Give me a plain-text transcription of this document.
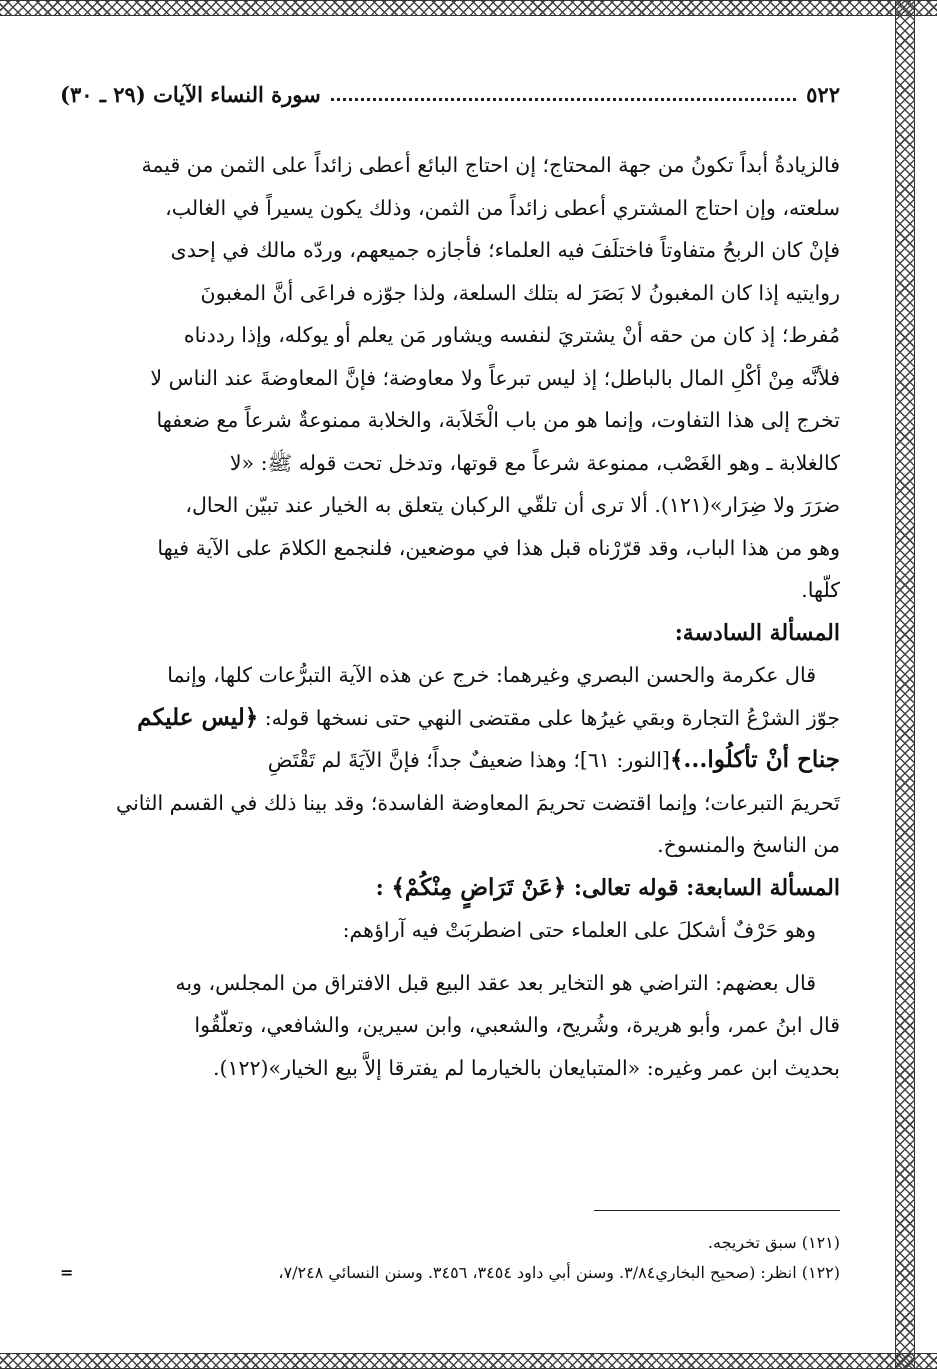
٥٢٢
سورة النساء الآيات (٢٩ ـ ٣٠)

فالزيادةُ أبداً تكونُ من جهة المحتاج؛ إن احتاج البائع أعطى زائداً على الثمن من قيمة

سلعته، وإن احتاج المشتري أعطى زائداً من الثمن، وذلك يكون يسيراً في الغالب،

فإنْ كان الربحُ متفاوتاً فاختلَفَ فيه العلماء؛ فأجازه جميعهم، وردّه مالك في إحدى

روايتيه إذا كان المغبونُ لا بَصَرَ له بتلك السلعة، ولذا جوّزه فراعَى أنَّ المغبونَ

مُفرط؛ إذ كان من حقه أنْ يشتريَ لنفسه ويشاور مَن يعلم أو يوكله، وإذا رددناه

فلأنَّه مِنْ أكْلِ المال بالباطل؛ إذ ليس تبرعاً ولا معاوضة؛ فإنَّ المعاوضةَ عند الناس لا

تخرج إلى هذا التفاوت، وإنما هو من باب الْخَلاَبة، والخلابة ممنوعةٌ شرعاً مع ضعفها

كالغلابة ـ وهو الغَصْب، ممنوعة شرعاً مع قوتها، وتدخل تحت قوله ﷺ: «لا

ضرَرَ ولا ضِرَار»(١٢١). ألا ترى أن تلقّي الركبان يتعلق به الخيار عند تبيّن الحال،

وهو من هذا الباب، وقد قرّرْناه قبل هذا في موضعين، فلنجمع الكلامَ على الآية فيها

كلّها.

المسألة السادسة:

قال عكرمة والحسن البصري وغيرهما: خرج عن هذه الآية التبرُّعات كلها، وإنما

جوّز الشرْعُ التجارة وبقي غيرُها على مقتضى النهي حتى نسخها قوله: ﴿ليس عليكم

جناح أنْ تأكلُوا...﴾[النور: ٦١]؛ وهذا ضعيفٌ جداً؛ فإنَّ الآيَةَ لم تَقْتَضِ

تَحريمَ التبرعات؛ وإنما اقتضت تحريمَ المعاوضة الفاسدة؛ وقد بينا ذلك في القسم الثاني

من الناسخ والمنسوخ.

المسألة السابعة: قوله تعالى: ﴿عَنْ تَرَاضٍ مِنْكُمْ﴾ :

وهو حَرْفٌ أشكلَ على العلماء حتى اضطربَتْ فيه آراؤهم:

قال بعضهم: التراضي هو التخاير بعد عقد البيع قبل الافتراق من المجلس، وبه

قال ابنُ عمر، وأبو هريرة، وشُريح، والشعبي، وابن سيرين، والشافعي، وتعلّقُوا

بحديث ابن عمر وغيره: «المتبايعان بالخيارما لم يفترقا إلاَّ بيع الخيار»(١٢٢).

(١٢١) سبق تخريجه.
(١٢٢) انظر: (صحيح البخاري٣/٨٤. وسنن أبي داود ٣٤٥٤، ٣٤٥٦. وسنن النسائي ٧/٢٤٨،
=
